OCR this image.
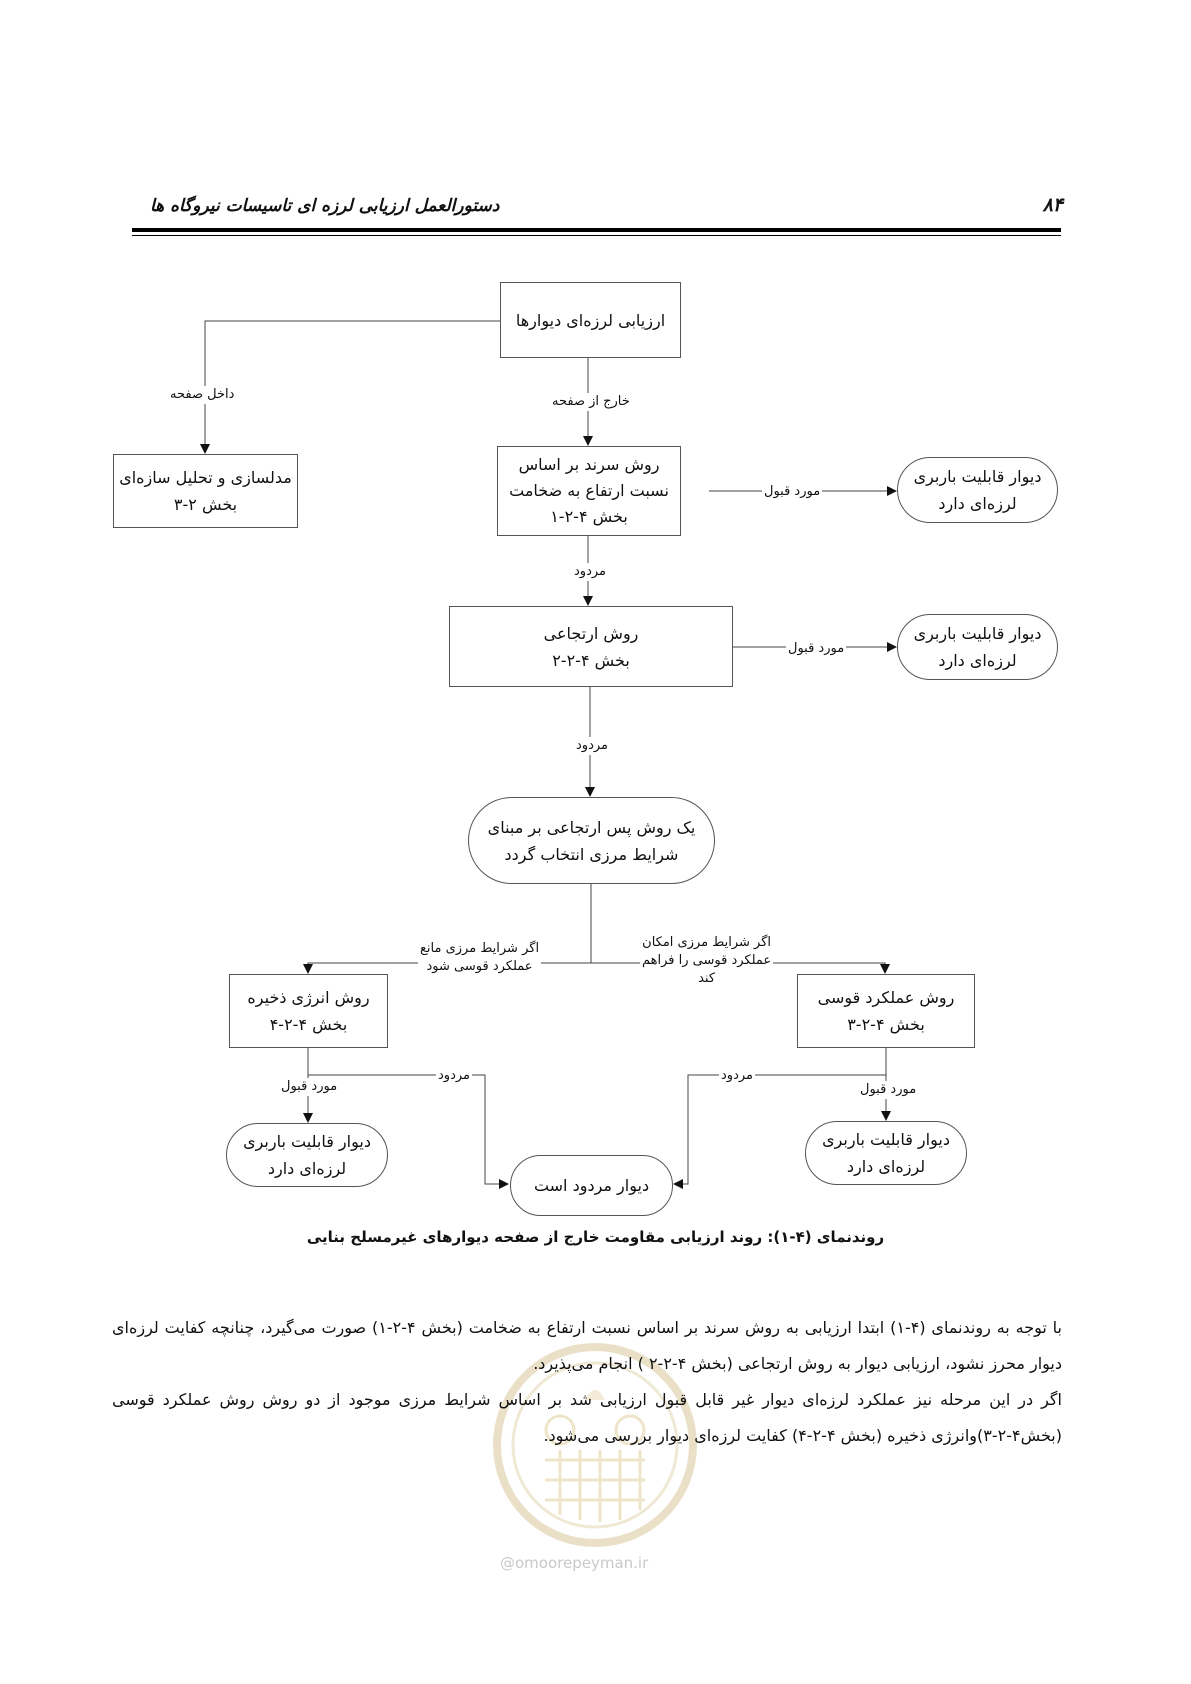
دستورالعمل ارزیابی لرزه ای تاسیسات نیروگاه ها	۸۴
ارزیابی لرزه‌ای دیوارها
مدلسازی و تحلیل سازه‌ای
بخش ۲-۳
روش سرند بر اساس
نسبت ارتفاع به ضخامت
بخش ۴-۲-۱
دیوار قابلیت باربری
لرزه‌ای دارد
روش ارتجاعی
بخش ۴-۲-۲
دیوار قابلیت باربری
لرزه‌ای دارد
یک روش پس ارتجاعی بر مبنای
شرایط مرزی انتخاب گردد
روش انرژی ذخیره
بخش ۴-۲-۴
روش عملکرد قوسی
بخش ۴-۲-۳
دیوار قابلیت باربری
لرزه‌ای دارد
دیوار قابلیت باربری
لرزه‌ای دارد
دیوار مردود است
داخل صفحه	خارج از صفحه
مورد قبول
مردود
مورد قبول
مردود
اگر شرایط مرزی مانع
عملکرد قوسی شود
اگر شرایط مرزی امکان
عملکرد قوسی را فراهم
کند
مورد قبول
مردود	مردود
مورد قبول
روندنمای (۴-۱): روند ارزیابی مقاومت خارج از صفحه دیوارهای غیرمسلح بنایی
@omoorepeyman.ir

با توجه به روندنمای (۴-۱) ابتدا ارزیابی به روش سرند بر اساس نسبت ارتفاع به ضخامت (بخش ۴-۲-۱) صورت می‌گیرد، چنانچه کفایت لرزه‌ای دیوار محرز نشود، ارزیابی دیوار به روش ارتجاعی (بخش ۴-۲-۲ ) انجام می‌پذیرد.

اگر در این مرحله نیز عملکرد لرزه‌ای دیوار غیر قابل قبول ارزیابی شد بر اساس شرایط مرزی موجود از دو روش روش عملکرد قوسی (بخش۴-۲-۳)وانرژی ذخیره (بخش ۴-۲-۴) کفایت لرزه‌ای دیوار بررسی می‌شود.
